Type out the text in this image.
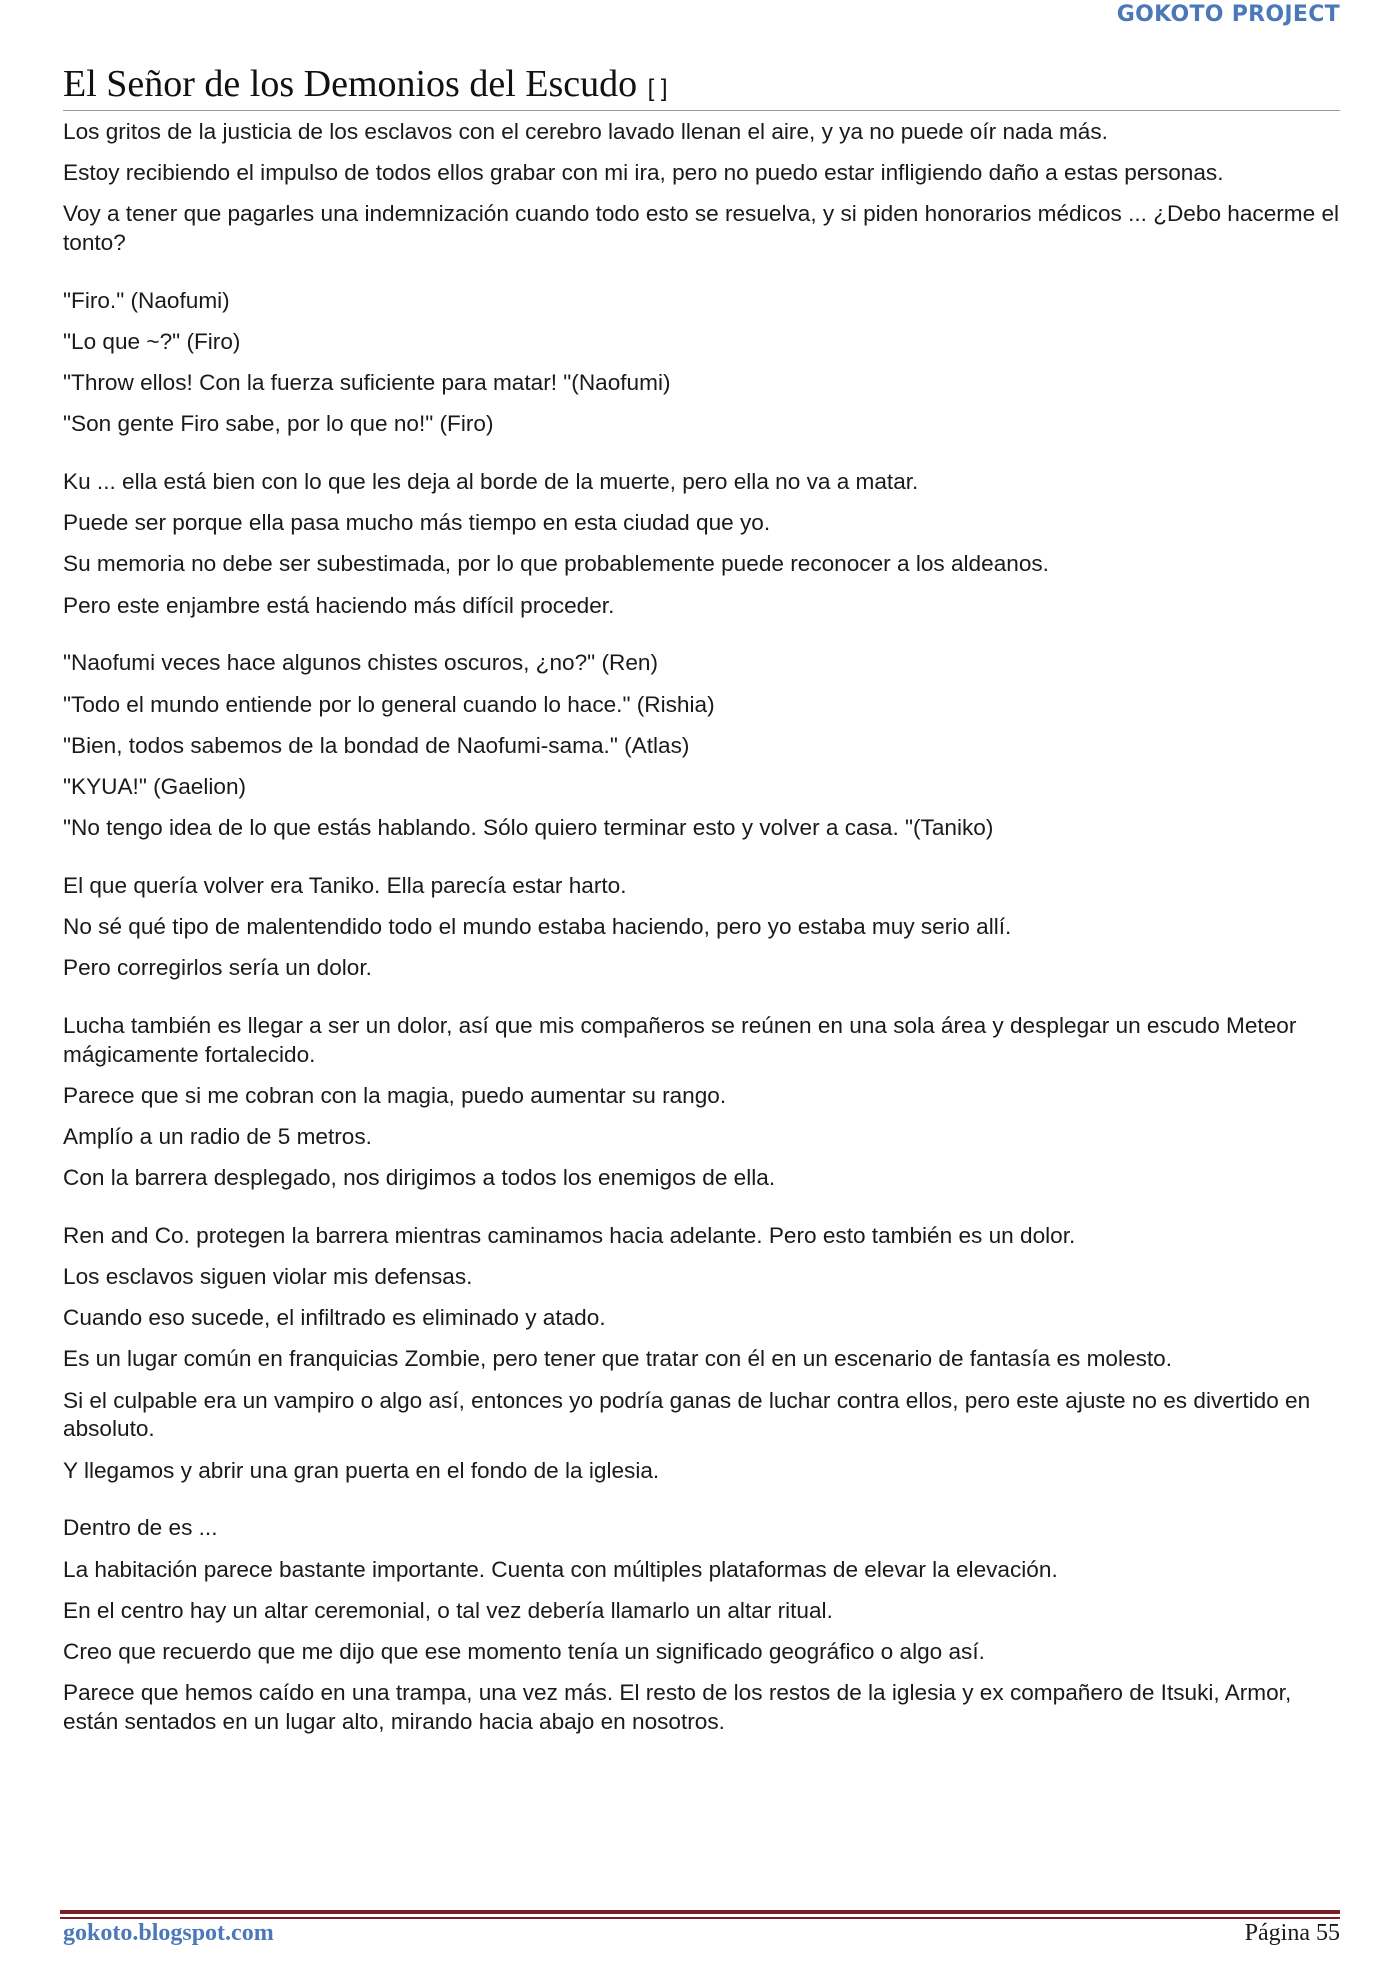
GOKOTO PROJECT
El Señor de los Demonios del Escudo [ ]

Los gritos de la justicia de los esclavos con el cerebro lavado llenan el aire, y ya no puede oír nada más.

Estoy recibiendo el impulso de todos ellos grabar con mi ira, pero no puedo estar infligiendo daño a estas personas.

Voy a tener que pagarles una indemnización cuando todo esto se resuelva, y si piden honorarios médicos ... ¿Debo hacerme el tonto?

"Firo." (Naofumi)

"Lo que ~?" (Firo)

"Throw ellos! Con la fuerza suficiente para matar! "(Naofumi)

"Son gente Firo sabe, por lo que no!" (Firo)

Ku ... ella está bien con lo que les deja al borde de la muerte, pero ella no va a matar.

Puede ser porque ella pasa mucho más tiempo en esta ciudad que yo.

Su memoria no debe ser subestimada, por lo que probablemente puede reconocer a los aldeanos.

Pero este enjambre está haciendo más difícil proceder.

"Naofumi veces hace algunos chistes oscuros, ¿no?" (Ren)

"Todo el mundo entiende por lo general cuando lo hace." (Rishia)

"Bien, todos sabemos de la bondad de Naofumi-sama." (Atlas)

"KYUA!" (Gaelion)

"No tengo idea de lo que estás hablando. Sólo quiero terminar esto y volver a casa. "(Taniko)

El que quería volver era Taniko. Ella parecía estar harto.

No sé qué tipo de malentendido todo el mundo estaba haciendo, pero yo estaba muy serio allí.

Pero corregirlos sería un dolor.

Lucha también es llegar a ser un dolor, así que mis compañeros se reúnen en una sola área y desplegar un escudo Meteor mágicamente fortalecido.

Parece que si me cobran con la magia, puedo aumentar su rango.

Amplío a un radio de 5 metros.

Con la barrera desplegado, nos dirigimos a todos los enemigos de ella.

Ren and Co. protegen la barrera mientras caminamos hacia adelante. Pero esto también es un dolor.

Los esclavos siguen violar mis defensas.

Cuando eso sucede, el infiltrado es eliminado y atado.

Es un lugar común en franquicias Zombie, pero tener que tratar con él en un escenario de fantasía es molesto.

Si el culpable era un vampiro o algo así, entonces yo podría ganas de luchar contra ellos, pero este ajuste no es divertido en absoluto.

Y llegamos y abrir una gran puerta en el fondo de la iglesia.

Dentro de es ...

La habitación parece bastante importante. Cuenta con múltiples plataformas de elevar la elevación.

En el centro hay un altar ceremonial, o tal vez debería llamarlo un altar ritual.

Creo que recuerdo que me dijo que ese momento tenía un significado geográfico o algo así.

Parece que hemos caído en una trampa, una vez más. El resto de los restos de la iglesia y ex compañero de Itsuki, Armor, están sentados en un lugar alto, mirando hacia abajo en nosotros.

gokoto.blogspot.com	Página 55
